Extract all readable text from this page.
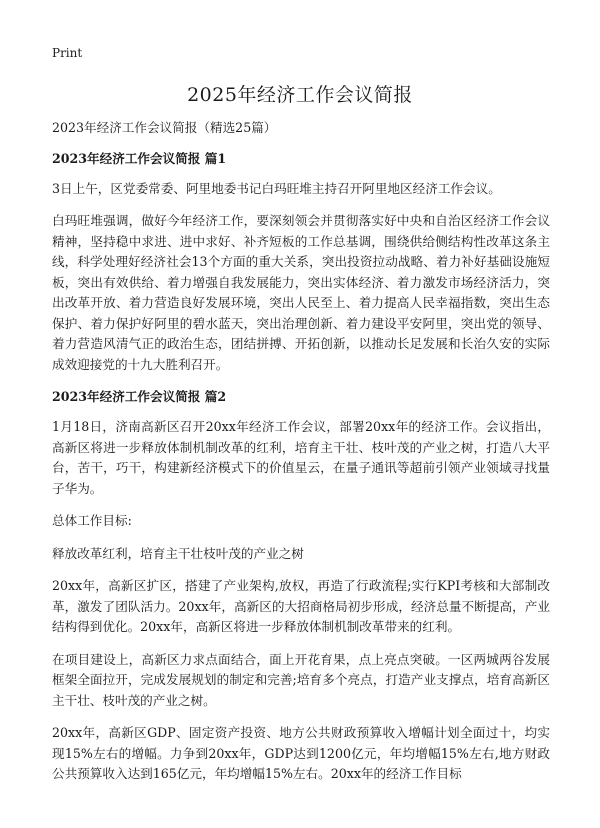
Print
2025年经济工作会议简报

2023年经济工作会议简报（精选25篇）

2023年经济工作会议简报 篇1

3日上午，区党委常委、阿里地委书记白玛旺堆主持召开阿里地区经济工作会议。

白玛旺堆强调，做好今年经济工作，要深刻领会并贯彻落实好中央和自治区经济工作会议精神，坚持稳中求进、进中求好、补齐短板的工作总基调，围绕供给侧结构性改革这条主线，科学处理好经济社会13个方面的重大关系，突出投资拉动战略、着力补好基础设施短板，突出有效供给、着力增强自我发展能力，突出实体经济、着力激发市场经济活力，突出改革开放、着力营造良好发展环境，突出人民至上、着力提高人民幸福指数，突出生态保护、着力保护好阿里的碧水蓝天，突出治理创新、着力建设平安阿里，突出党的领导、着力营造风清气正的政治生态，团结拼搏、开拓创新，以推动长足发展和长治久安的实际成效迎接党的十九大胜利召开。

2023年经济工作会议简报 篇2

1月18日，济南高新区召开20xx年经济工作会议，部署20xx年的经济工作。会议指出，高新区将进一步释放体制机制改革的红利，培育主干壮、枝叶茂的产业之树，打造八大平台，苦干，巧干，构建新经济模式下的价值星云，在量子通讯等超前引领产业领域寻找量子华为。

总体工作目标:

释放改革红利，培育主干壮枝叶茂的产业之树

20xx年，高新区扩区，搭建了产业架构,放权，再造了行政流程;实行KPI考核和大部制改革，激发了团队活力。20xx年，高新区的大招商格局初步形成，经济总量不断提高，产业结构得到优化。20xx年，高新区将进一步释放体制机制改革带来的红利。

在项目建设上，高新区力求点面结合，面上开花育果，点上亮点突破。一区两城两谷发展框架全面拉开，完成发展规划的制定和完善;培育多个亮点，打造产业支撑点，培育高新区主干壮、枝叶茂的产业之树。

20xx年，高新区GDP、固定资产投资、地方公共财政预算收入增幅计划全面过十，均实现15%左右的增幅。力争到20xx年，GDP达到1200亿元，年均增幅15%左右,地方财政公共预算收入达到165亿元，年均增幅15%左右。20xx年的经济工作目标
